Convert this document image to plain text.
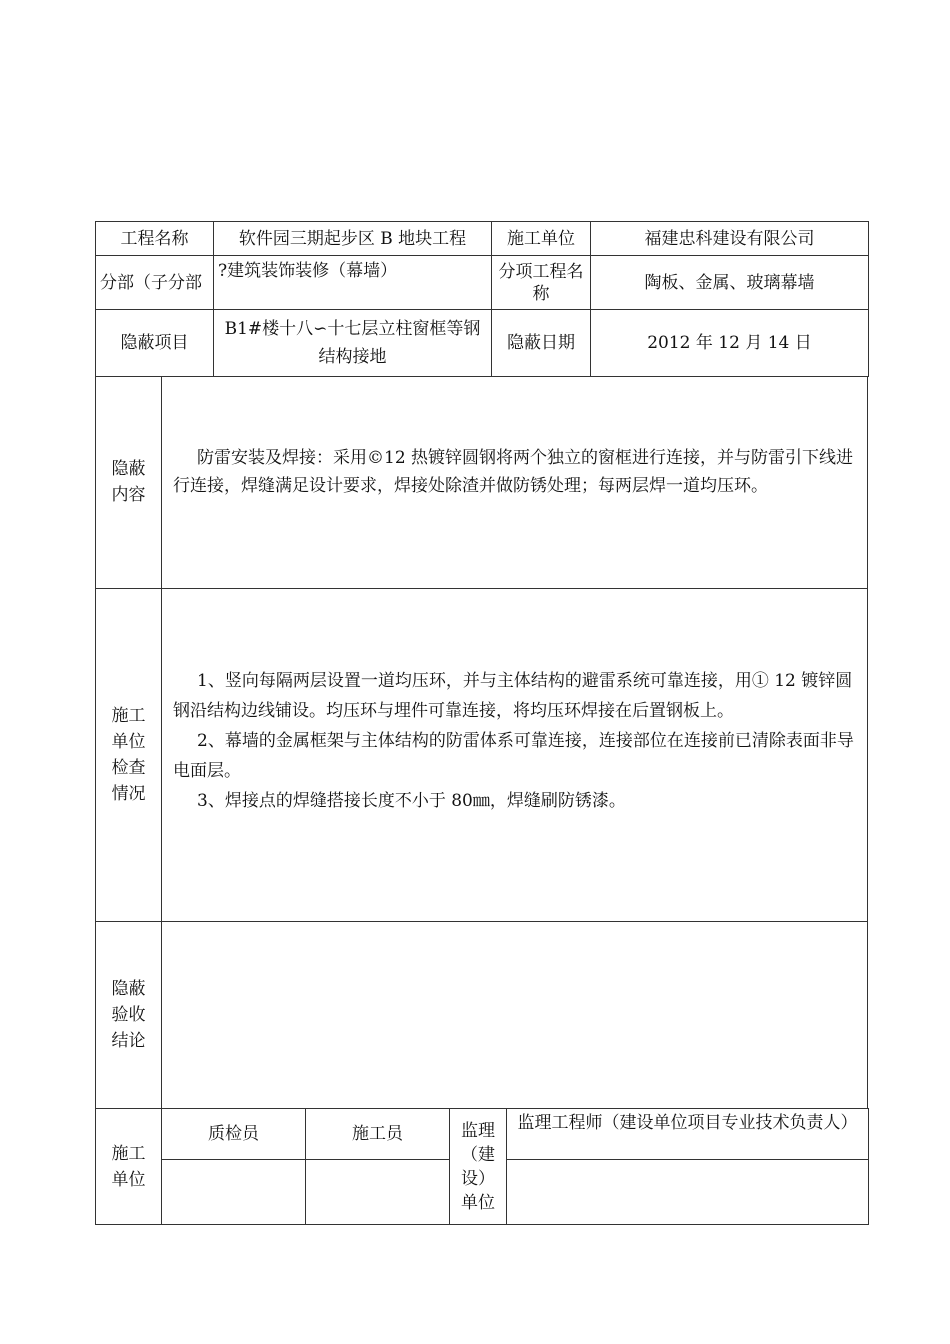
工程名称	软件园三期起步区 B 地块工程	施工单位	福建忠科建设有限公司
分部（子分部	?建筑装饰装修（幕墙）	分项工程名称	陶板、金属、玻璃幕墙
隐蔽项目	B1#楼十八∽十七层立柱窗框等钢结构接地	隐蔽日期	2012 年 12 月 14 日
隐蔽内容

防雷安装及焊接：采用©12 热镀锌圆钢将两个独立的窗框进行连接，并与防雷引下线进行连接，焊缝满足设计要求，焊接处除渣并做防锈处理；每两层焊一道均压环。

施工单位检查情况

1、竖向每隔两层设置一道均压环，并与主体结构的避雷系统可靠连接，用① 12 镀锌圆钢沿结构边线铺设。均压环与埋件可靠连接，将均压环焊接在后置钢板上。

2、幕墙的金属框架与主体结构的防雷体系可靠连接，连接部位在连接前已清除表面非导电面层。

3、焊接点的焊缝搭接长度不小于 80㎜，焊缝刷防锈漆。

隐蔽验收结论

施工单位	质检员	施工员	监理（建设）单位	监理工程师（建设单位项目专业技术负责人）
